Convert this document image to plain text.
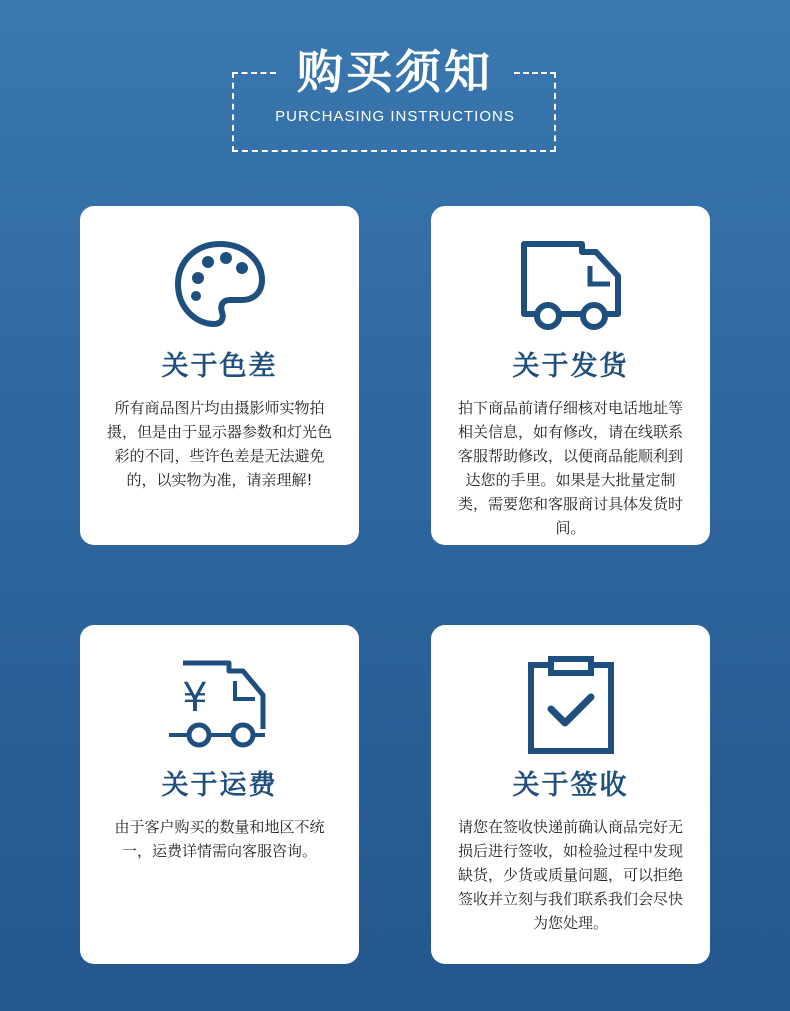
购买须知
PURCHASING INSTRUCTIONS
关于色差
所有商品图片均由摄影师实物拍摄，但是由于显示器参数和灯光色彩的不同，些许色差是无法避免的，以实物为准，请亲理解!
关于发货
拍下商品前请仔细核对电话地址等相关信息，如有修改，请在线联系客服帮助修改，以便商品能顺利到达您的手里。如果是大批量定制类，需要您和客服商讨具体发货时间。
¥
关于运费
由于客户购买的数量和地区不统一，运费详情需向客服咨询。
关于签收
请您在签收快递前确认商品完好无损后进行签收，如检验过程中发现缺货，少货或质量问题，可以拒绝签收并立刻与我们联系我们会尽快为您处理。
